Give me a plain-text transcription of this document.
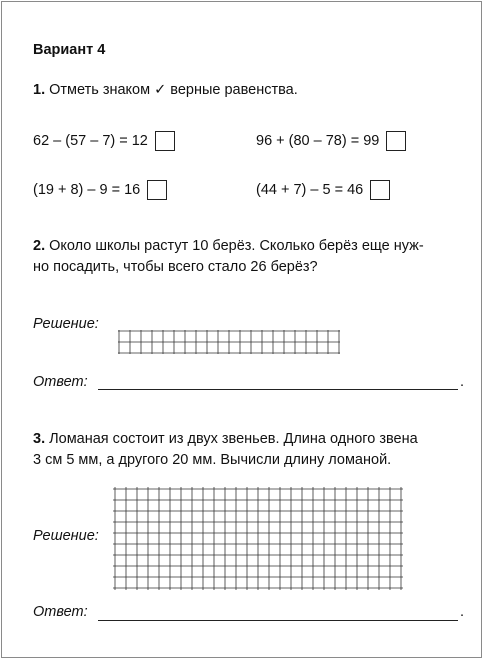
Вариант 4
1. Отметь знаком ✓ верные равенства.
62 – (57 – 7) = 12	96 + (80 – 78) = 99
(19 + 8) – 9 = 16	(44 + 7) – 5 = 46
2. Около школы растут 10 берёз. Сколько берёз еще нуж-
но посадить, чтобы всего стало 26 берёз?
Решение:
Ответ:	.
3. Ломаная состоит из двух звеньев. Длина одного звена
3 см 5 мм, а другого 20 мм. Вычисли длину ломаной.
Решение:
Ответ:	.
